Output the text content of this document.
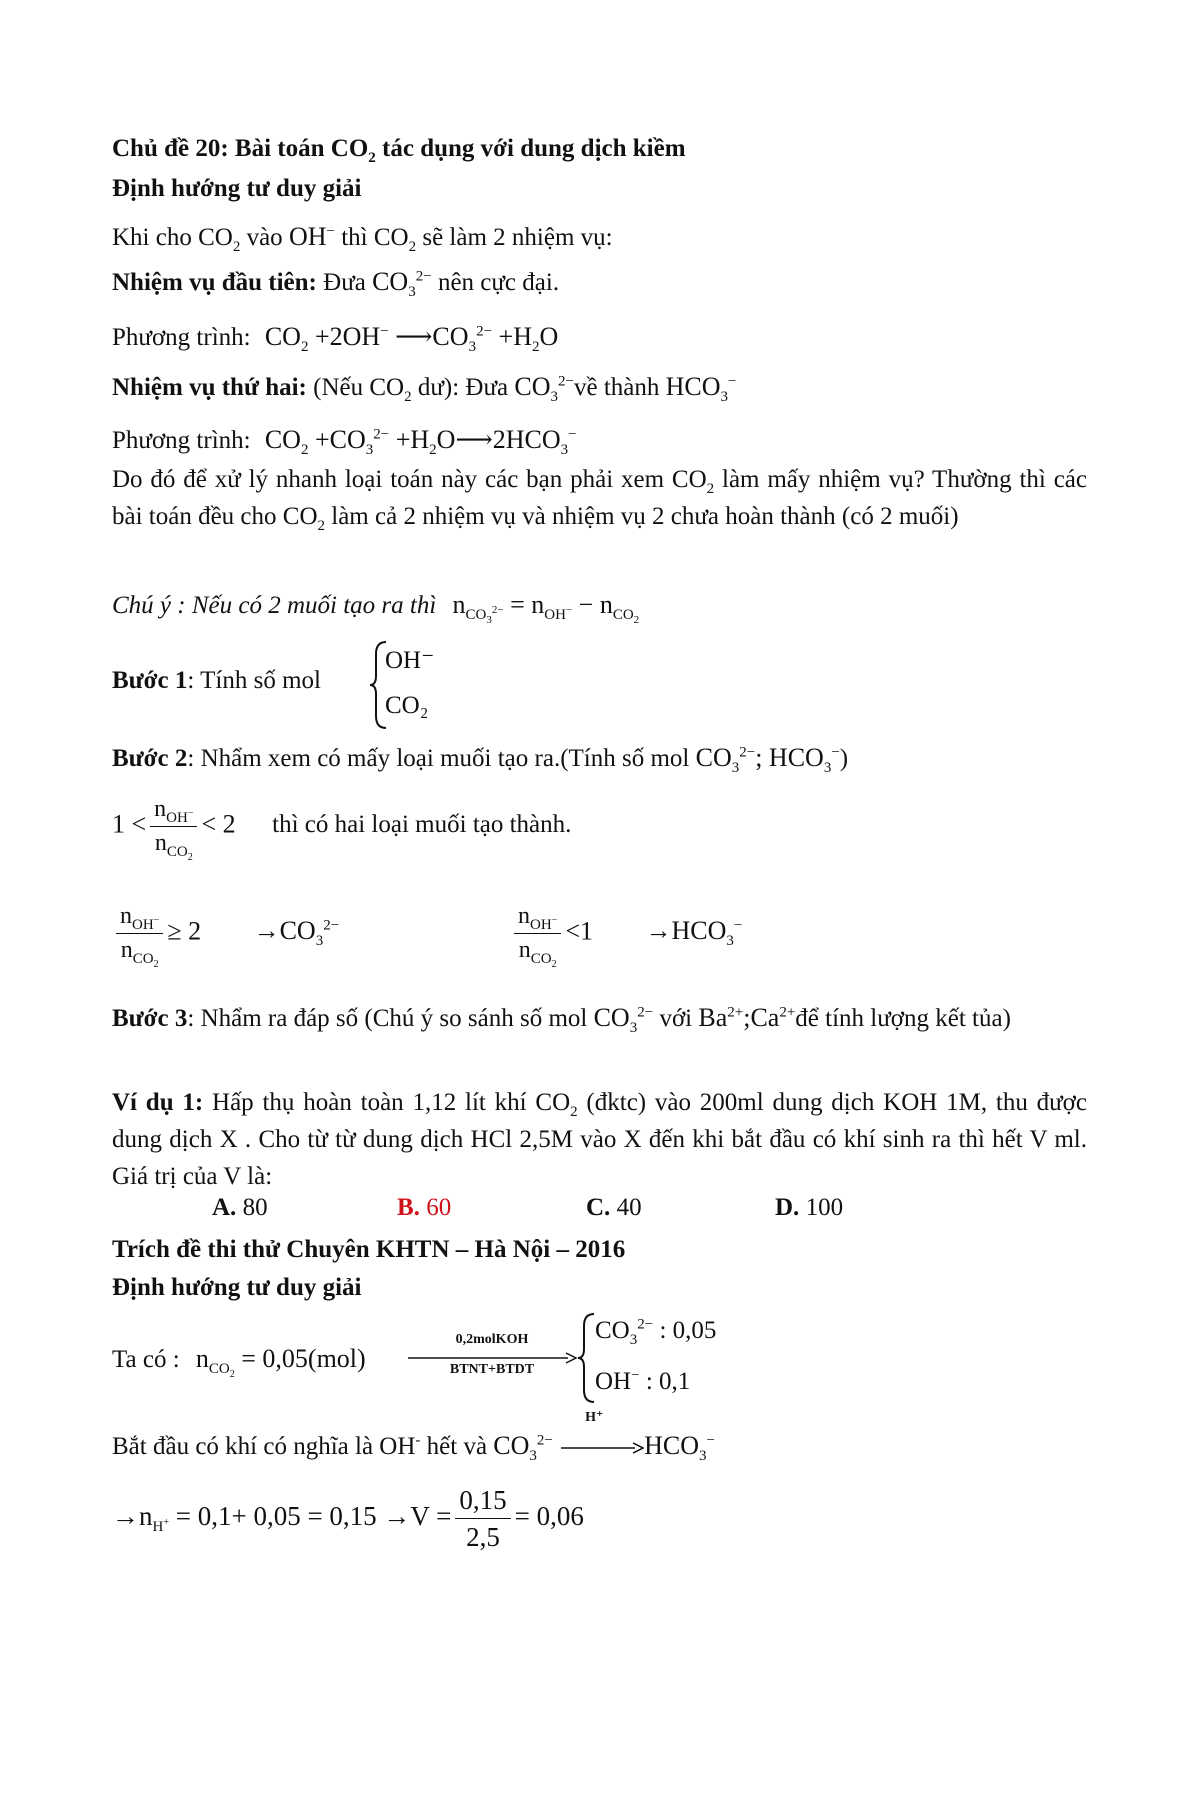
Chủ đề 20: Bài toán $CO_2$ tác dụng với dung dịch kiềm
Định hướng tư duy giải
Khi cho $CO_2$ vào OH− thì $CO_2$ sẽ làm 2 nhiệm vụ:
Nhiệm vụ đầu tiên: Đưa $CO_3^{2-}$ nên cực đại.
Phương trình: $CO_2 +2OH^-$ $⟶CO_3^{2-} +H_2O$
Nhiệm vụ thứ hai: (Nếu $CO_2$ dư): Đưa $CO_3^{2-}về$ thành $HCO_3^-$
Phương trình: $CO_2 +CO_3^{2-}$ $+H_2O⟶2HCO_3^-$
Do đó để xử lý nhanh loại toán này các bạn phải xem $CO_2$ làm mấy nhiệm vụ? Thường thì các bài toán đều cho $CO_2$ làm cả 2 nhiệm vụ và nhiệm vụ 2 chưa hoàn thành (có 2 muối)
Chú ý : Nếu có 2 muối tạo ra thì $n_{CO_3^{2-}} = n_{OH^-} - n_{CO_2}$
Bước 1: Tính số mol
OH⁻
CO₂
Bước 2: Nhẩm xem có mấy loại muối tạo ra.(Tính số mol $CO_3^{2-}$; $HCO_3^-$)
$1 < \frac{n_{OH^-}}{n_{CO_2}} < 2$ thì có hai loại muối tạo thành.
$\frac{n_{OH^-}}{n_{CO_2}} \ge 2 \to CO_3^{2-}$	$\frac{n_{OH^-}}{n_{CO_2}} <1 \to HCO_3^-$
Bước 3: Nhẩm ra đáp số (Chú ý so sánh số mol $CO_3^{2-}$ với $Ba^{2+};Ca^{2+}để$ tính lượng kết tủa)
Ví dụ 1: Hấp thụ hoàn toàn 1,12 lít khí $CO_2$ (đktc) vào 200ml dung dịch KOH 1M, thu được dung dịch X . Cho từ từ dung dịch HCl 2,5M vào X đến khi bắt đầu có khí sinh ra thì hết V ml. Giá trị của V là:
A. 80	B. 60	C. 40	D. 100
Trích đề thi thử Chuyên KHTN – Hà Nội – 2016
Định hướng tư duy giải
Ta có : $n_{CO_2} = 0,05(mol)$
0,2molKOH
BTNT+BTDT
$CO_3^{2-}$ : 0,05
OH− : 0,1
Bắt đầu có khí có nghĩa là OH- hết và $CO_3^{2-}$
H⁺
$HCO_3^-$
$\to n_{H^+} = 0,1+ 0,05 = 0,15 \to V = \frac{0,15}{2,5} = 0,06$
